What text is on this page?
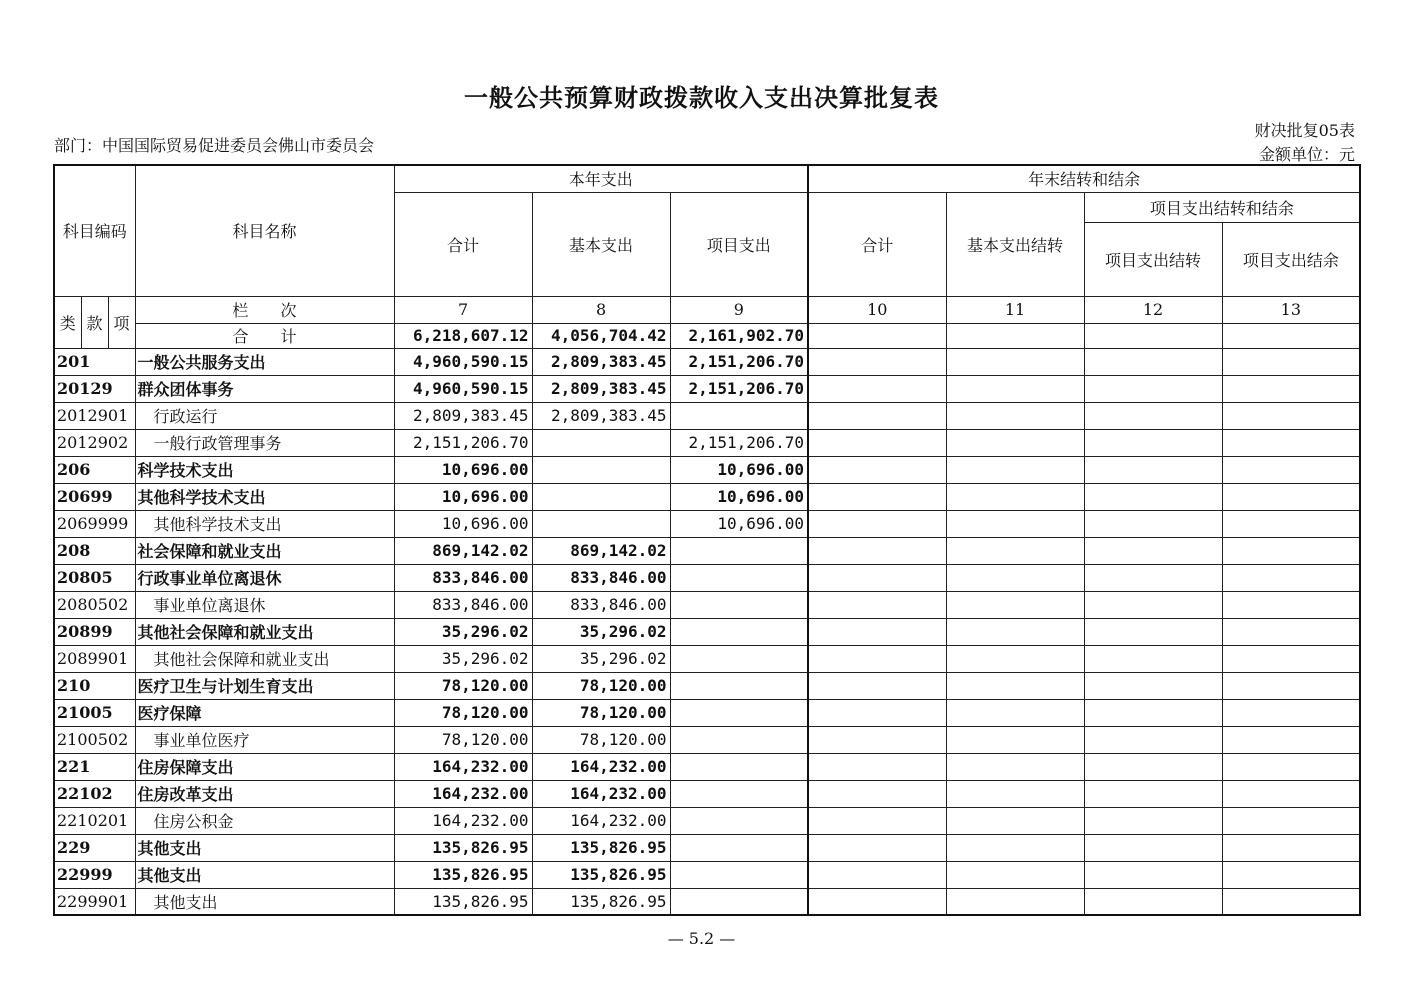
一般公共预算财政拨款收入支出决算批复表
部门：中国国际贸易促进委员会佛山市委员会
财决批复05表
金额单位：元
科目编码			科目名称	本年支出			年末结转和结余			
				合计	基本支出	项目支出	合计	基本支出结转	项目支出结转和结余	
									项目支出结转	项目支出结余
类	款	项	栏　　次	7	8	9	10	11	12	13
			合　　计	6,218,607.12	4,056,704.42	2,161,902.70				
201			一般公共服务支出	4,960,590.15	2,809,383.45	2,151,206.70				
20129			群众团体事务	4,960,590.15	2,809,383.45	2,151,206.70				
2012901			行政运行	2,809,383.45	2,809,383.45					
2012902			一般行政管理事务	2,151,206.70		2,151,206.70				
206			科学技术支出	10,696.00		10,696.00				
20699			其他科学技术支出	10,696.00		10,696.00				
2069999			其他科学技术支出	10,696.00		10,696.00				
208			社会保障和就业支出	869,142.02	869,142.02					
20805			行政事业单位离退休	833,846.00	833,846.00					
2080502			事业单位离退休	833,846.00	833,846.00					
20899			其他社会保障和就业支出	35,296.02	35,296.02					
2089901			其他社会保障和就业支出	35,296.02	35,296.02					
210			医疗卫生与计划生育支出	78,120.00	78,120.00					
21005			医疗保障	78,120.00	78,120.00					
2100502			事业单位医疗	78,120.00	78,120.00					
221			住房保障支出	164,232.00	164,232.00					
22102			住房改革支出	164,232.00	164,232.00					
2210201			住房公积金	164,232.00	164,232.00					
229			其他支出	135,826.95	135,826.95					
22999			其他支出	135,826.95	135,826.95					
2299901			其他支出	135,826.95	135,826.95					
— 5.2 —
